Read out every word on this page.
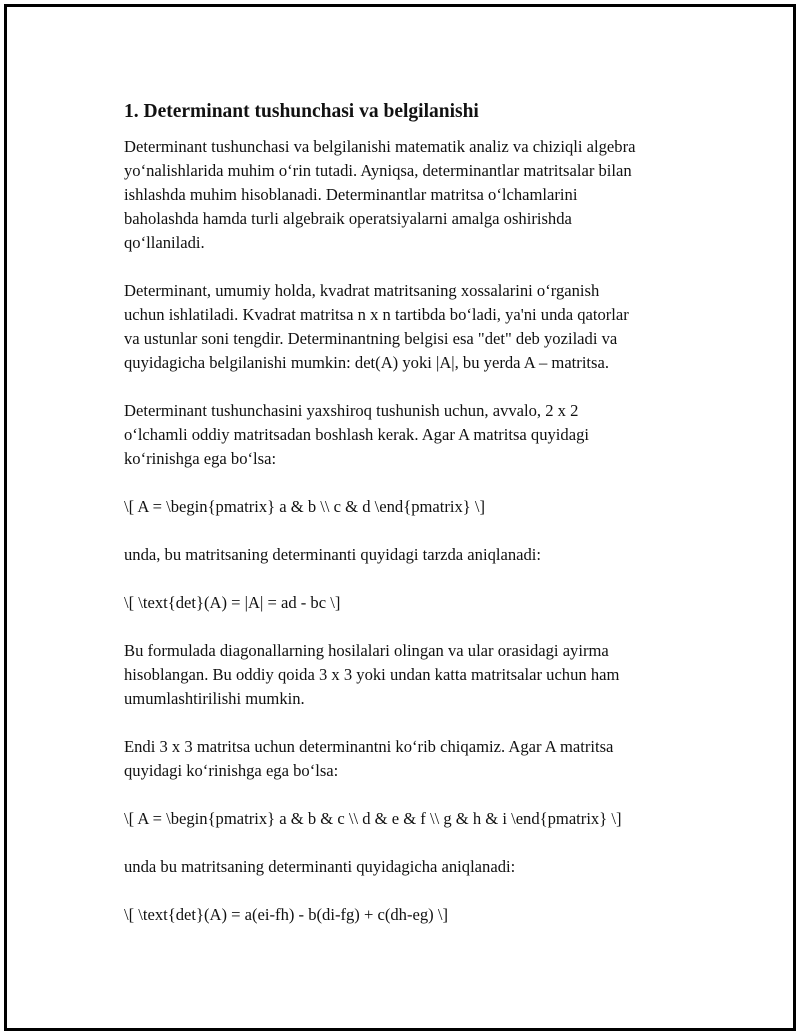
1. Determinant tushunchasi va belgilanishi

Determinant tushunchasi va belgilanishi matematik analiz va chiziqli algebra
yo‘nalishlarida muhim o‘rin tutadi. Ayniqsa, determinantlar matritsalar bilan
ishlashda muhim hisoblanadi. Determinantlar matritsa o‘lchamlarini
baholashda hamda turli algebraik operatsiyalarni amalga oshirishda
qo‘llaniladi.

Determinant, umumiy holda, kvadrat matritsaning xossalarini o‘rganish
uchun ishlatiladi. Kvadrat matritsa n x n tartibda bo‘ladi, ya'ni unda qatorlar
va ustunlar soni tengdir. Determinantning belgisi esa "det" deb yoziladi va
quyidagicha belgilanishi mumkin: det(A) yoki |A|, bu yerda A – matritsa.

Determinant tushunchasini yaxshiroq tushunish uchun, avvalo, 2 x 2
o‘lchamli oddiy matritsadan boshlash kerak. Agar A matritsa quyidagi
ko‘rinishga ega bo‘lsa:

\[ A = \begin{pmatrix} a & b \\ c & d \end{pmatrix} \]

unda, bu matritsaning determinanti quyidagi tarzda aniqlanadi:

\[ \text{det}(A) = |A| = ad - bc \]

Bu formulada diagonallarning hosilalari olingan va ular orasidagi ayirma
hisoblangan. Bu oddiy qoida 3 x 3 yoki undan katta matritsalar uchun ham
umumlashtirilishi mumkin.

Endi 3 x 3 matritsa uchun determinantni ko‘rib chiqamiz. Agar A matritsa
quyidagi ko‘rinishga ega bo‘lsa:

\[ A = \begin{pmatrix} a & b & c \\ d & e & f \\ g & h & i \end{pmatrix} \]

unda bu matritsaning determinanti quyidagicha aniqlanadi:

\[ \text{det}(A) = a(ei-fh) - b(di-fg) + c(dh-eg) \]
